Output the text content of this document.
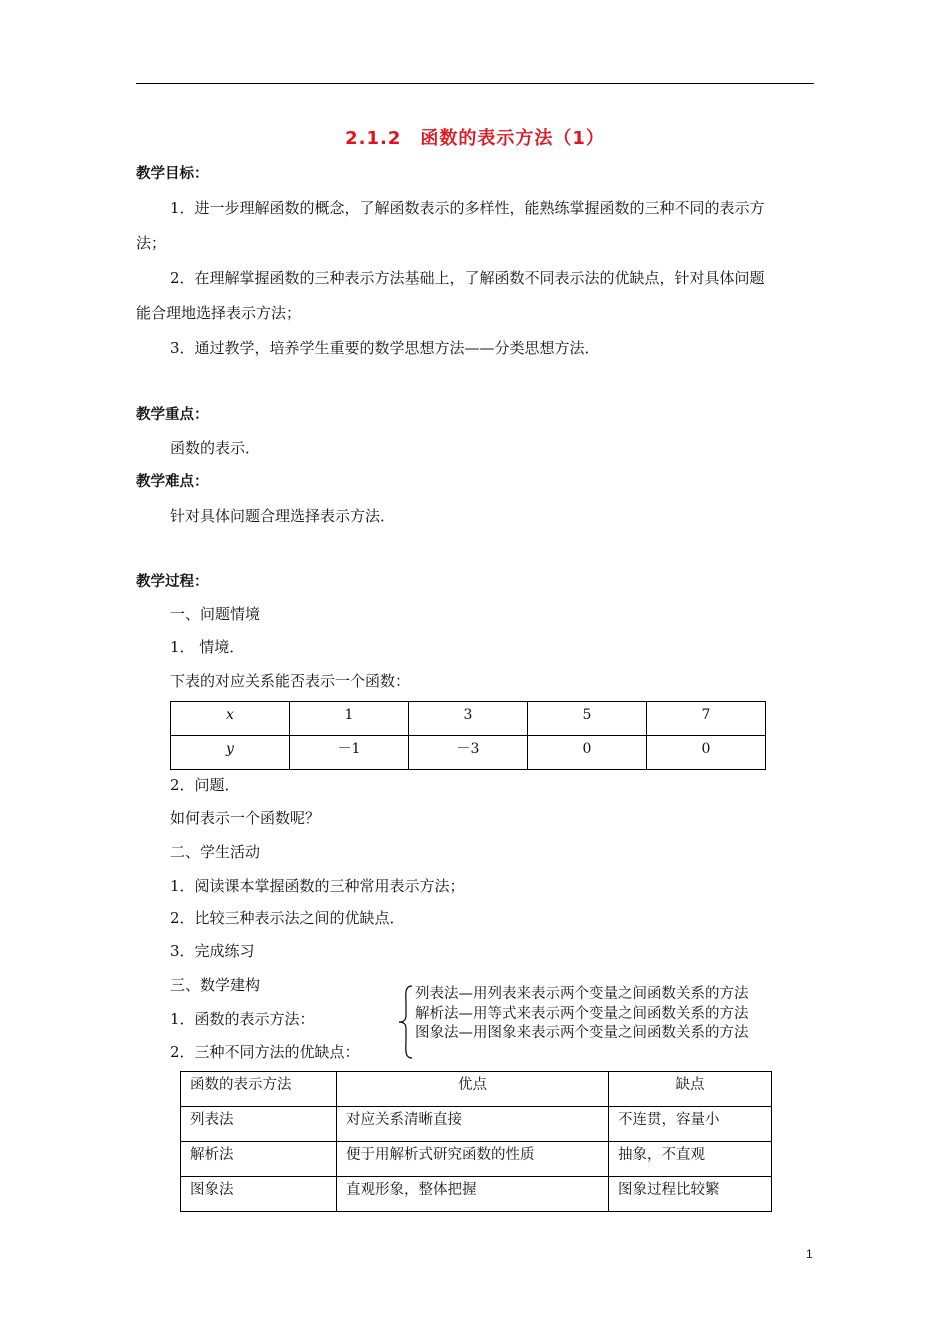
2.1.2　函数的表示方法（1）
教学目标：
1．进一步理解函数的概念，了解函数表示的多样性，能熟练掌握函数的三种不同的表示方
法；
2．在理解掌握函数的三种表示方法基础上，了解函数不同表示法的优缺点，针对具体问题
能合理地选择表示方法；
3．通过教学，培养学生重要的数学思想方法——分类思想方法．
教学重点：
函数的表示．
教学难点：
针对具体问题合理选择表示方法．
教学过程：
一、问题情境
1． 情境．
下表的对应关系能否表示一个函数：
x	1	3	5	7
y	－1	－3	0	0
2．问题．
如何表示一个函数呢？
二、学生活动
1．阅读课本掌握函数的三种常用表示方法；
2．比较三种表示法之间的优缺点．
3．完成练习
三、数学建构
1．函数的表示方法：
2．三种不同方法的优缺点：
列表法—用列表来表示两个变量之间函数关系的方法
解析法—用等式来表示两个变量之间函数关系的方法
图象法—用图象来表示两个变量之间函数关系的方法
函数的表示方法	优点	缺点
列表法	对应关系清晰直接	不连贯，容量小
解析法	便于用解析式研究函数的性质	抽象，不直观
图象法	直观形象，整体把握	图象过程比较繁
1
